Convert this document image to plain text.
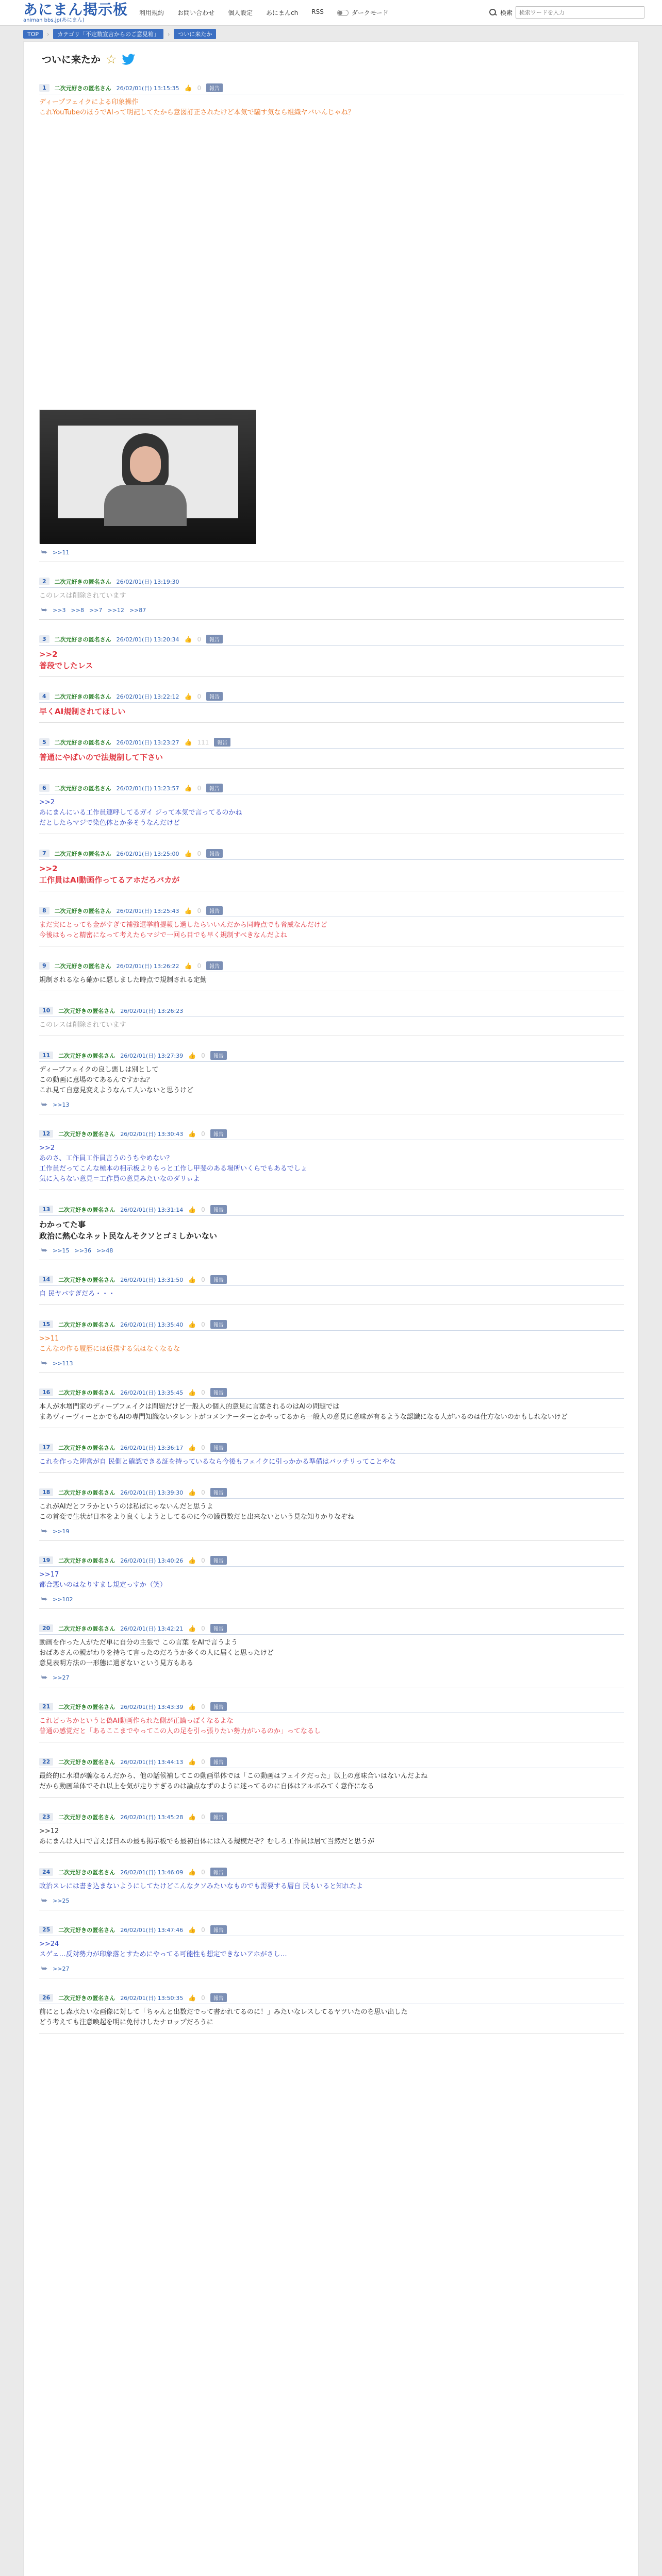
あにまん掲示板
animan bbs.jp(あにまん)
利用規約 お問い合わせ 個人設定 あにまんch RSS	ダークモード	検索
検索ワードを入力
TOP	›	カテゴリ「不定数宣言からのご意見箱」	›	ついに来たか
ついに来たか ☆
1	二次元好きの匿名さん 26/02/01(日) 13:15:35 👍 0	報告
ディープフェイクによる印象操作
これYouTubeのほうでAIって明記してたから意図訂正されたけど本気で騙す気なら組織ヤバいんじゃね？
⮩ >>11
2	二次元好きの匿名さん 26/02/01(日) 13:19:30
このレスは削除されています
⮩ >>3 >>8 >>7 >>12 >>87
3	二次元好きの匿名さん 26/02/01(日) 13:20:34 👍 0	報告
>>2
普段でしたレス
4	二次元好きの匿名さん 26/02/01(日) 13:22:12 👍 0	報告
早くAI規制されてほしい
5	二次元好きの匿名さん 26/02/01(日) 13:23:27 👍 111	報告
普通にやばいので法規制して下さい
6	二次元好きの匿名さん 26/02/01(日) 13:23:57 👍 0	報告
>>2
あにまんにいる工作員連呼してるガイ ジって本気で言ってるのかね
だとしたらマジで染色体とか多そうなんだけど
7	二次元好きの匿名さん 26/02/01(日) 13:25:00 👍 0	報告
>>2
工作員はAI動画作ってるアホだろバカが
8	二次元好きの匿名さん 26/02/01(日) 13:25:43 👍 0	報告
まだ実にとっても金がすぎて補強選挙前提報し過したらいいんだから同時点でも脅威なんだけど
今後はもっと精密になって考えたらマジで一回ら目でも早く規制すべきなんだよね
9	二次元好きの匿名さん 26/02/01(日) 13:26:22 👍 0	報告
規制されるなら確かに悪しました時点で規制される定勤
10	二次元好きの匿名さん 26/02/01(日) 13:26:23
このレスは削除されています
11	二次元好きの匿名さん 26/02/01(日) 13:27:39 👍 0	報告
ディープフェイクの良し悪しは別として
この動画に意場のてあるんですかね？
これ見て自意見変えようなんて人いないと思うけど
⮩ >>13
12	二次元好きの匿名さん 26/02/01(日) 13:30:43 👍 0	報告
>>2
あのさ、工作員工作員言うのうちやめない？
工作員だってこんな極本の相示板よりもっと工作し甲斐のある場所いくらでもあるでしょ
気に入らない意見＝工作員の意見みたいなのダリぃよ
13	二次元好きの匿名さん 26/02/01(日) 13:31:14 👍 0	報告
わかってた事
政治に熱心なネット民なんそクソとゴミしかいない
⮩ >>15 >>36 >>48
14	二次元好きの匿名さん 26/02/01(日) 13:31:50 👍 0	報告
自 民ヤバすぎだろ・・・
15	二次元好きの匿名さん 26/02/01(日) 13:35:40 👍 0	報告
>>11
こんなの作る履歴には仮撲する気はなくなるな
⮩ >>113
16	二次元好きの匿名さん 26/02/01(日) 13:35:45 👍 0	報告
本人が水増門家のディープフェイクは問題だけど一般人の個人的意見に言葉されるのはAIの問題では
まあヴィーヴィーとかでもAIの専門知識ないタレントがコメンテーターとかやってるから一般人の意見に意味が有るような認識になる人がいるのは仕方ないのかもしれないけど
17	二次元好きの匿名さん 26/02/01(日) 13:36:17 👍 0	報告
これを作った陣営が自 民側と確認できる証を持っているなら今後もフェイクに引っかかる準備はバッチリってことやな
18	二次元好きの匿名さん 26/02/01(日) 13:39:30 👍 0	報告
これがAIだとフラかというのは私ぼにゃないんだと思うよ
この首変で生状が日本をより良くしようとしてるのに今の議員数だと出来ないという見な知りかりなぞね
⮩ >>19
19	二次元好きの匿名さん 26/02/01(日) 13:40:26 👍 0	報告
>>17
都合悪いのはなりすまし規定っすか（笑）
⮩ >>102
20	二次元好きの匿名さん 26/02/01(日) 13:42:21 👍 0	報告
動画を作った人がただ単に自分の主張で この言葉 をAIで言うよう
おばあさんの親がわりを持ちて言ったのだろうか多くの人に届くと思ったけど
意見表明方法の一形態に過ぎないという見方もある
⮩ >>27
21	二次元好きの匿名さん 26/02/01(日) 13:43:39 👍 0	報告
これどっちかというと偽AI動画作られた側が正論っぽくなるよな
普通の感覚だと「あるここまでやってこの人の足を引っ張りたい勢力がいるのか」ってなるし
22	二次元好きの匿名さん 26/02/01(日) 13:44:13 👍 0	報告
最終的に水増が騙なるんだから、他の話候補してこの動画単体では「この動画はフェイクだった」以上の意味合いはないんだよね
だから動画単体でそれ以上を気が走りすぎるのは論点なずのように迷ってるのに自体はアルボみてく意作になる
23	二次元好きの匿名さん 26/02/01(日) 13:45:28 👍 0	報告
>>12
あにまんは人口で言えば日本の最も掲示板でも最初自体には入る規模だぞ？むしろ工作員は居て当然だと思うが
24	二次元好きの匿名さん 26/02/01(日) 13:46:09 👍 0	報告
政治スレには書き込まないようにしてたけどこんなクソみたいなものでも需要する層自 民もいると知れたよ
⮩ >>25
25	二次元好きの匿名さん 26/02/01(日) 13:47:46 👍 0	報告
>>24
スゲェ…反対勢力が印象落とすためにやってる可能性も想定できないアホがさし…
⮩ >>27
26	二次元好きの匿名さん 26/02/01(日) 13:50:35 👍 0	報告
前にとし森水たいな画像に対して「ちゃんと出数だでって書かれてるのに！」みたいなレスしてるヤツいたのを思い出した
どう考えても注意喚起を明に免付けしたナロップだろうに
